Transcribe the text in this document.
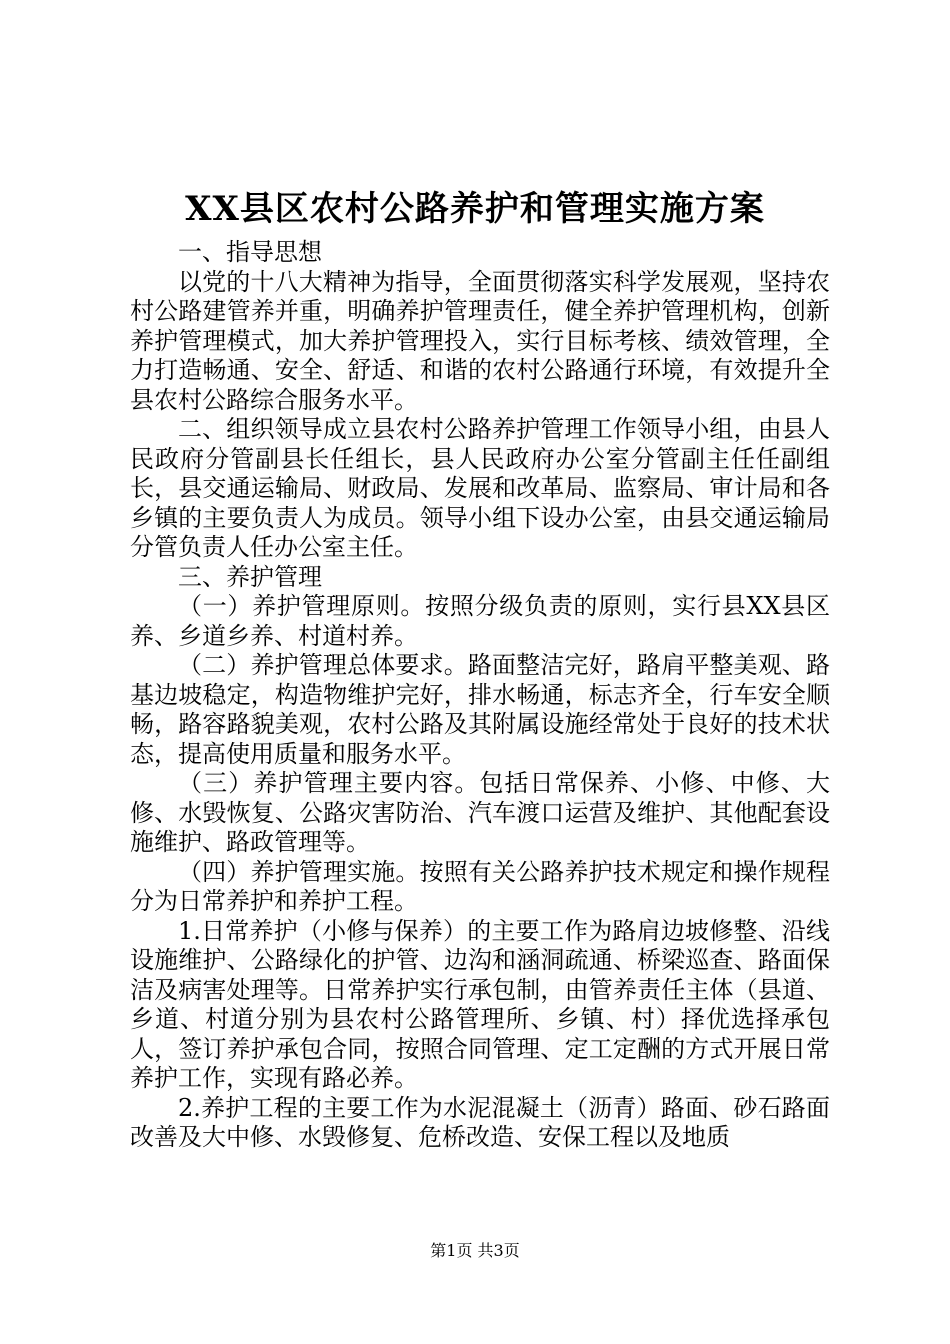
XX县区农村公路养护和管理实施方案

一、指导思想

以党的十八大精神为指导，全面贯彻落实科学发展观，坚持农村公路建管养并重，明确养护管理责任，健全养护管理机构，创新养护管理模式，加大养护管理投入，实行目标考核、绩效管理，全力打造畅通、安全、舒适、和谐的农村公路通行环境，有效提升全县农村公路综合服务水平。

二、组织领导成立县农村公路养护管理工作领导小组，由县人民政府分管副县长任组长，县人民政府办公室分管副主任任副组长，县交通运输局、财政局、发展和改革局、监察局、审计局和各乡镇的主要负责人为成员。领导小组下设办公室，由县交通运输局分管负责人任办公室主任。

三、养护管理

（一）养护管理原则。按照分级负责的原则，实行县XX县区养、乡道乡养、村道村养。

（二）养护管理总体要求。路面整洁完好，路肩平整美观、路基边坡稳定，构造物维护完好，排水畅通，标志齐全，行车安全顺畅，路容路貌美观，农村公路及其附属设施经常处于良好的技术状态，提高使用质量和服务水平。

（三）养护管理主要内容。包括日常保养、小修、中修、大修、水毁恢复、公路灾害防治、汽车渡口运营及维护、其他配套设施维护、路政管理等。

（四）养护管理实施。按照有关公路养护技术规定和操作规程分为日常养护和养护工程。

1.日常养护（小修与保养）的主要工作为路肩边坡修整、沿线设施维护、公路绿化的护管、边沟和涵洞疏通、桥梁巡查、路面保洁及病害处理等。日常养护实行承包制，由管养责任主体（县道、乡道、村道分别为县农村公路管理所、乡镇、村）择优选择承包人，签订养护承包合同，按照合同管理、定工定酬的方式开展日常养护工作，实现有路必养。

2.养护工程的主要工作为水泥混凝土（沥青）路面、砂石路面改善及大中修、水毁修复、危桥改造、安保工程以及地质

第1页 共3页
